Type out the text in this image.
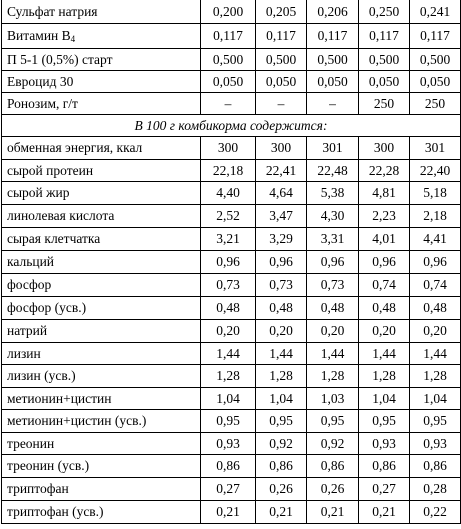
Сульфат натрия	0,200	0,205	0,206	0,250	0,241
Витамин $B_4$	0,117	0,117	0,117	0,117	0,117
П 5-1 (0,5%) старт	0,500	0,500	0,500	0,500	0,500
Евроцид 30	0,050	0,050	0,050	0,050	0,050
Ронозим, г/т	–	–	–	250	250
В 100 г комбикорма содержится:					
обменная энергия, ккал	300	300	301	300	301
сырой протеин	22,18	22,41	22,48	22,28	22,40
сырой жир	4,40	4,64	5,38	4,81	5,18
линолевая кислота	2,52	3,47	4,30	2,23	2,18
сырая клетчатка	3,21	3,29	3,31	4,01	4,41
кальций	0,96	0,96	0,96	0,96	0,96
фосфор	0,73	0,73	0,73	0,74	0,74
фосфор (усв.)	0,48	0,48	0,48	0,48	0,48
натрий	0,20	0,20	0,20	0,20	0,20
лизин	1,44	1,44	1,44	1,44	1,44
лизин (усв.)	1,28	1,28	1,28	1,28	1,28
метионин+цистин	1,04	1,04	1,03	1,04	1,04
метионин+цистин (усв.)	0,95	0,95	0,95	0,95	0,95
треонин	0,93	0,92	0,92	0,93	0,93
треонин (усв.)	0,86	0,86	0,86	0,86	0,86
триптофан	0,27	0,26	0,26	0,27	0,28
триптофан (усв.)	0,21	0,21	0,21	0,21	0,22
